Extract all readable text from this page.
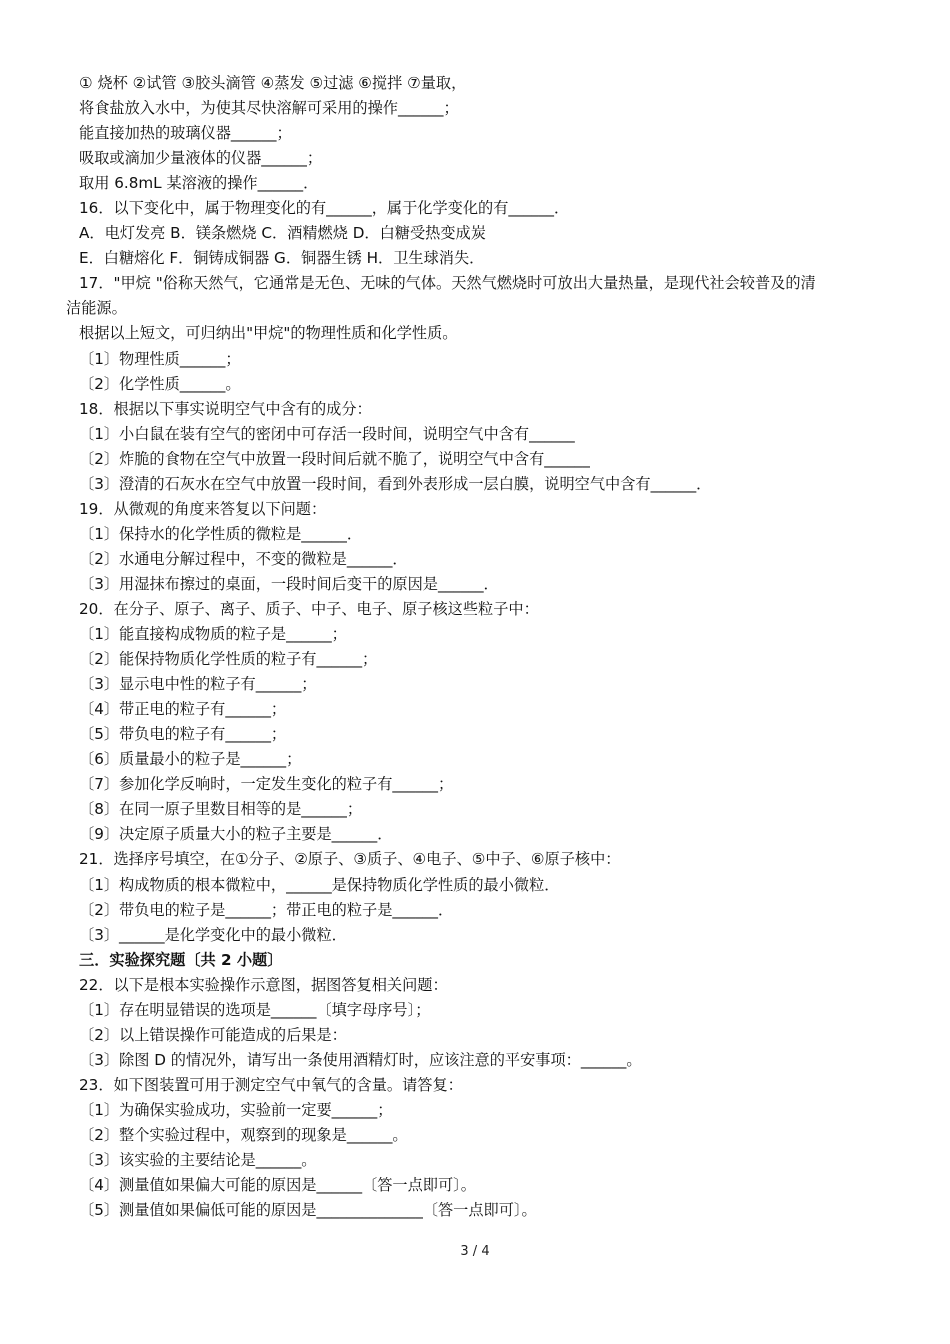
① 烧杯 ②试管 ③胶头滴管 ④蒸发 ⑤过滤 ⑥搅拌 ⑦量取，
将食盐放入水中，为使其尽快溶解可采用的操作______；
能直接加热的玻璃仪器______；
吸取或滴加少量液体的仪器______；
取用 6.8mL 某溶液的操作______．
16．以下变化中，属于物理变化的有______，属于化学变化的有______．
A．电灯发亮 B．镁条燃烧 C．酒精燃烧 D．白糖受热变成炭
E．白糖熔化 F．铜铸成铜器 G．铜器生锈 H．卫生球消失．
17．"甲烷 "俗称天然气，它通常是无色、无味的气体。天然气燃烧时可放出大量热量，是现代社会较普及的清
洁能源。
根据以上短文，可归纳出"甲烷"的物理性质和化学性质。
〔1〕物理性质______；
〔2〕化学性质______。
18．根据以下事实说明空气中含有的成分：
〔1〕小白鼠在装有空气的密闭中可存活一段时间，说明空气中含有______
〔2〕炸脆的食物在空气中放置一段时间后就不脆了，说明空气中含有______
〔3〕澄清的石灰水在空气中放置一段时间，看到外表形成一层白膜，说明空气中含有______．
19．从微观的角度来答复以下问题：
〔1〕保持水的化学性质的微粒是______．
〔2〕水通电分解过程中，不变的微粒是______．
〔3〕用湿抹布擦过的桌面，一段时间后变干的原因是______．
20．在分子、原子、离子、质子、中子、电子、原子核这些粒子中：
〔1〕能直接构成物质的粒子是______；
〔2〕能保持物质化学性质的粒子有______；
〔3〕显示电中性的粒子有______；
〔4〕带正电的粒子有______；
〔5〕带负电的粒子有______；
〔6〕质量最小的粒子是______；
〔7〕参加化学反响时，一定发生变化的粒子有______；
〔8〕在同一原子里数目相等的是______；
〔9〕决定原子质量大小的粒子主要是______．
21．选择序号填空，在①分子、②原子、③质子、④电子、⑤中子、⑥原子核中：
〔1〕构成物质的根本微粒中，______是保持物质化学性质的最小微粒．
〔2〕带负电的粒子是______；带正电的粒子是______．
〔3〕______是化学变化中的最小微粒．
三．实验探究题〔共 2 小题〕
22．以下是根本实验操作示意图，据图答复相关问题：
〔1〕存在明显错误的选项是______〔填字母序号〕；
〔2〕以上错误操作可能造成的后果是：
〔3〕除图 D 的情况外，请写出一条使用酒精灯时，应该注意的平安事项：______。
23．如下图装置可用于测定空气中氧气的含量。请答复：
〔1〕为确保实验成功，实验前一定要______；
〔2〕整个实验过程中，观察到的现象是______。
〔3〕该实验的主要结论是______。
〔4〕测量值如果偏大可能的原因是______〔答一点即可〕。
〔5〕测量值如果偏低可能的原因是______________〔答一点即可〕。
3 / 4
